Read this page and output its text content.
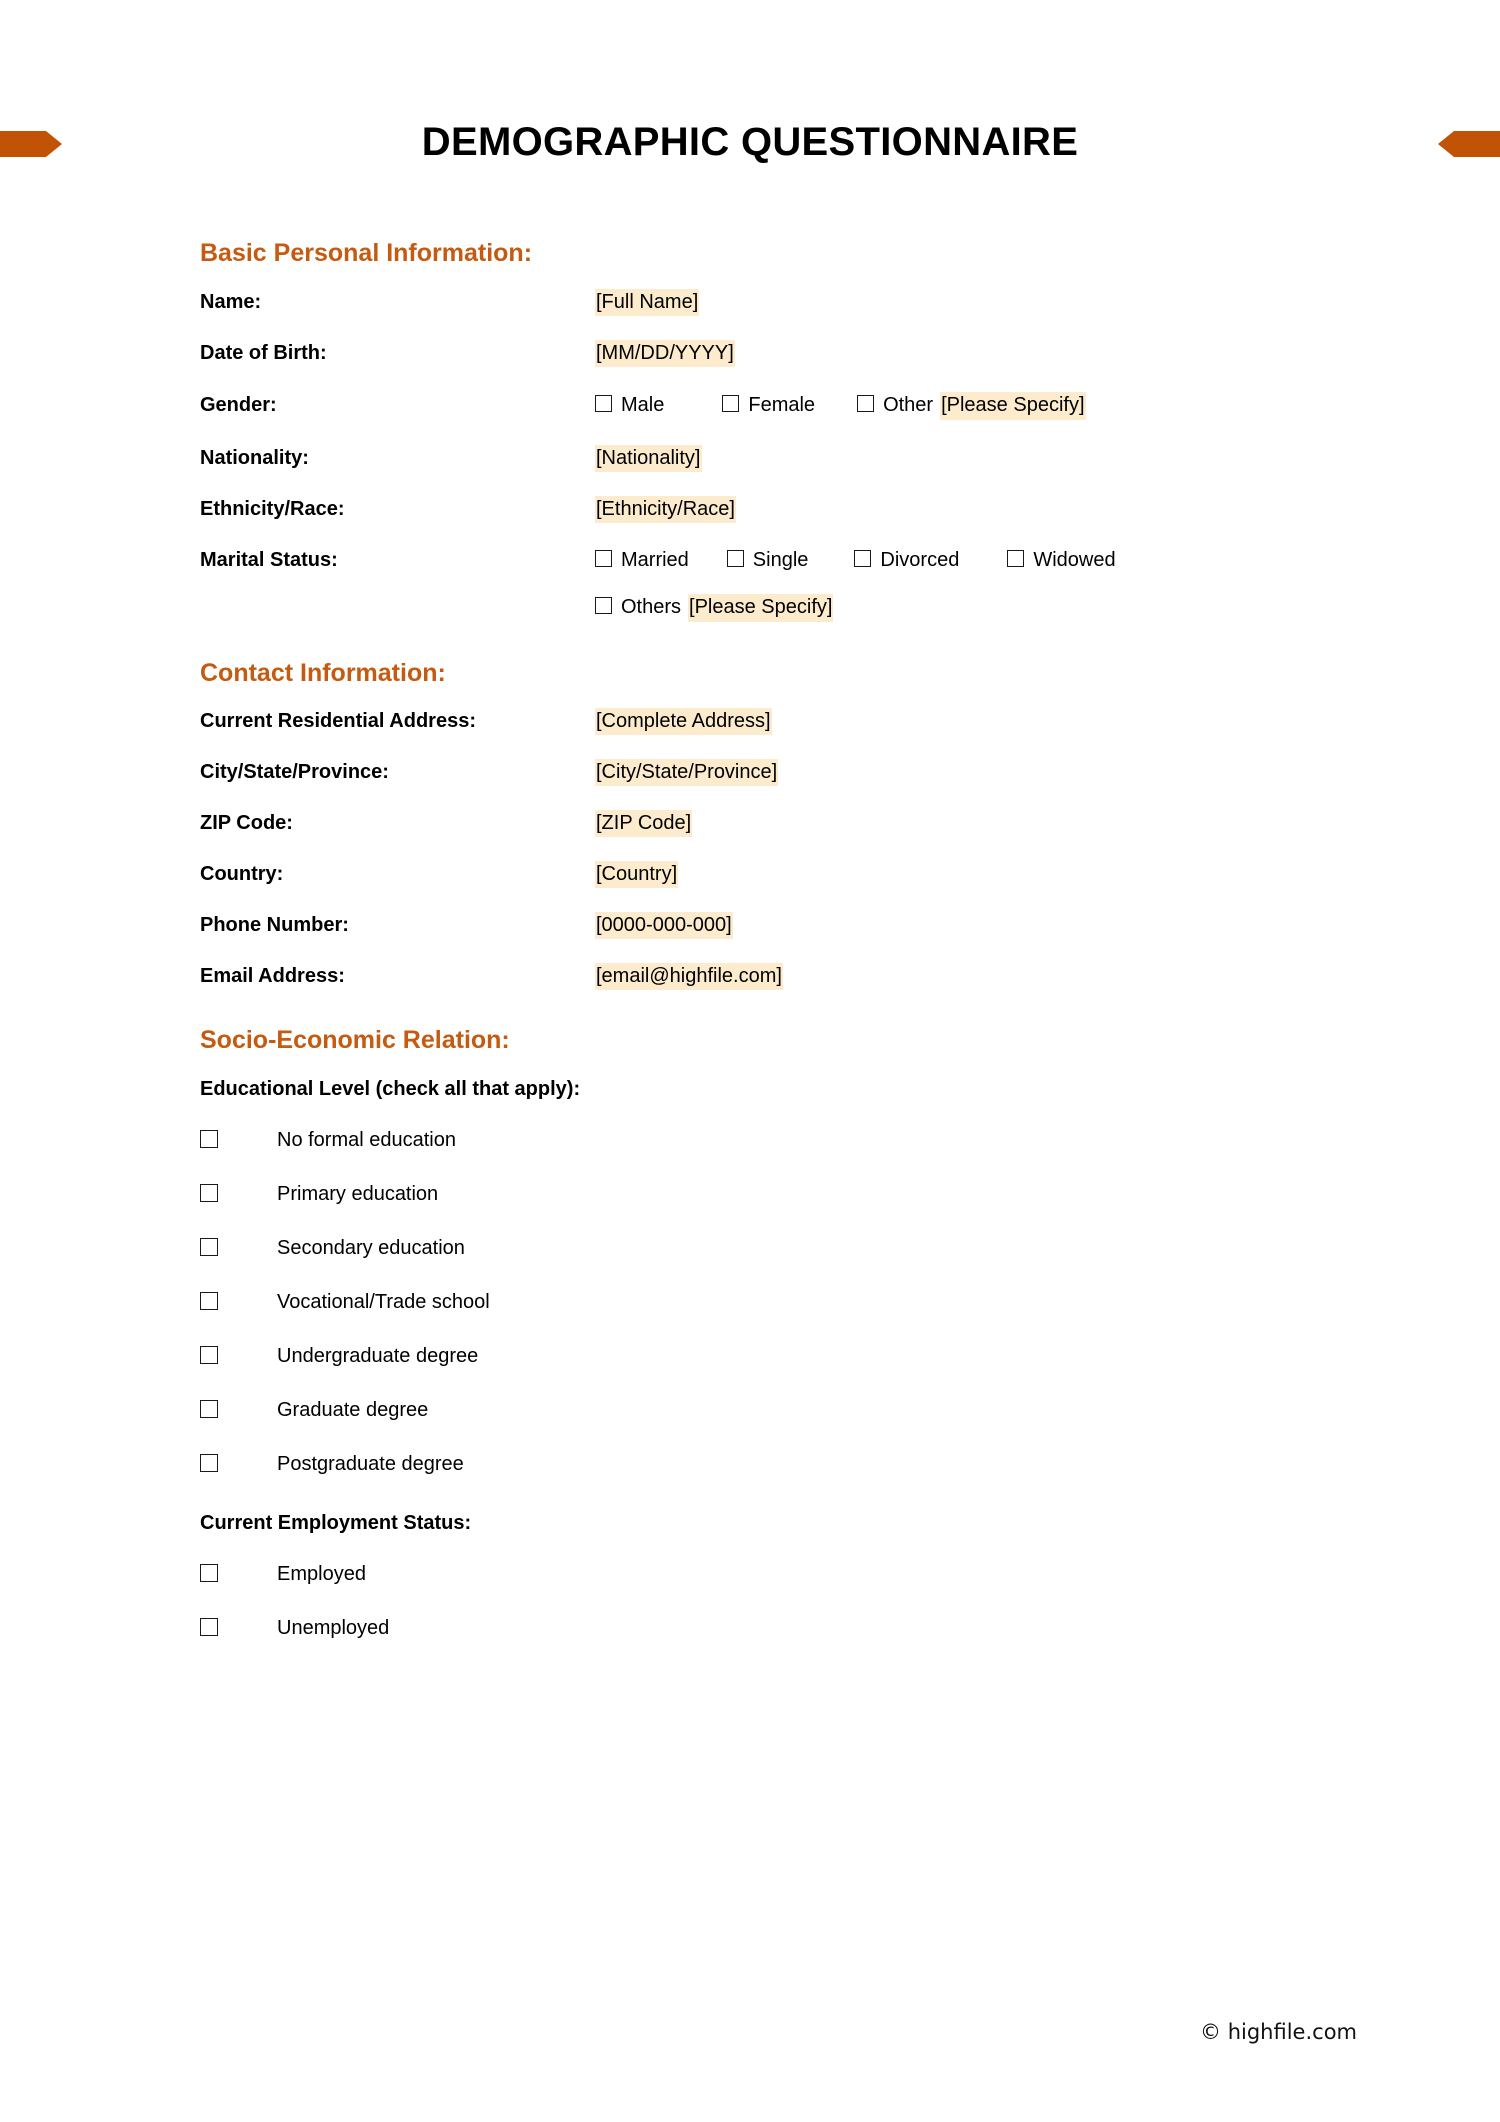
DEMOGRAPHIC QUESTIONNAIRE
Basic Personal Information:
Name:	[Full Name]
Date of Birth:	[MM/DD/YYYY]
Gender:	Male	Female	Other [Please Specify]
Nationality:	[Nationality]
Ethnicity/Race:	[Ethnicity/Race]
Marital Status:	Married	Single	Divorced	Widowed
Others [Please Specify]
Contact Information:
Current Residential Address:	[Complete Address]
City/State/Province:	[City/State/Province]
ZIP Code:	[ZIP Code]
Country:	[Country]
Phone Number:	[0000-000-000]
Email Address:	[email@highfile.com]
Socio-Economic Relation:
Educational Level (check all that apply):
No formal education
Primary education
Secondary education
Vocational/Trade school
Undergraduate degree
Graduate degree
Postgraduate degree
Current Employment Status:
Employed
Unemployed
© highfile.com
